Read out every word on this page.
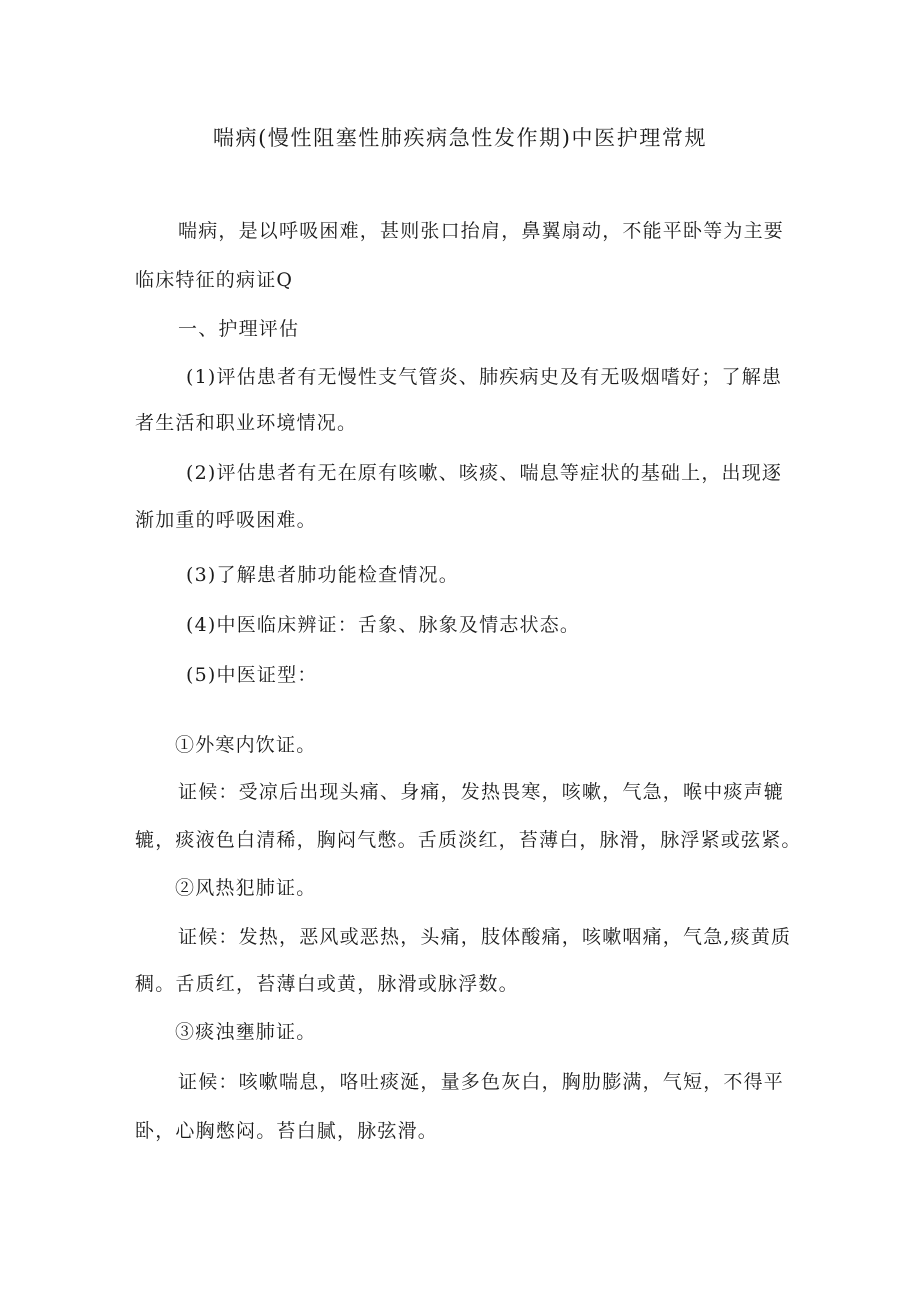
喘病(慢性阻塞性肺疾病急性发作期)中医护理常规
喘病，是以呼吸困难，甚则张口抬肩，鼻翼扇动，不能平卧等为主要
临床特征的病证Q
一、护理评估
(1)评估患者有无慢性支气管炎、肺疾病史及有无吸烟嗜好；了解患
者生活和职业环境情况。
(2)评估患者有无在原有咳嗽、咳痰、喘息等症状的基础上，出现逐
渐加重的呼吸困难。
(3)了解患者肺功能检查情况。
(4)中医临床辨证：舌象、脉象及情志状态。
(5)中医证型：
①外寒内饮证。
证候：受凉后出现头痛、身痛，发热畏寒，咳嗽，气急，喉中痰声辘
辘，痰液色白清稀，胸闷气憋。舌质淡红，苔薄白，脉滑，脉浮紧或弦紧。
②风热犯肺证。
证候：发热，恶风或恶热，头痛，肢体酸痛，咳嗽咽痛，气急,痰黄质
稠。舌质红，苔薄白或黄，脉滑或脉浮数。
③痰浊壅肺证。
证候：咳嗽喘息，咯吐痰涎，量多色灰白，胸肋膨满，气短，不得平
卧，心胸憋闷。苔白腻，脉弦滑。
